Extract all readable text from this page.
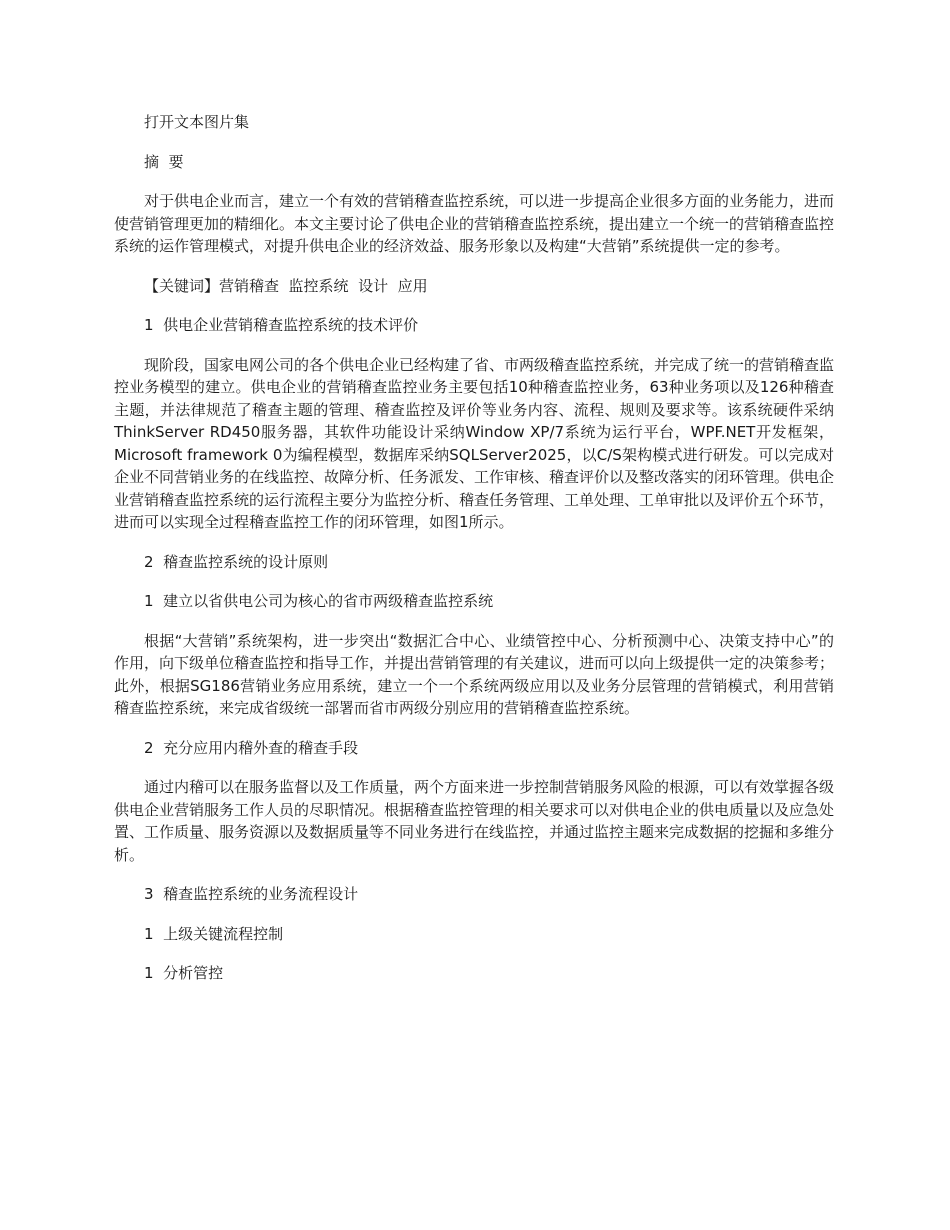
打开文本图片集

摘  要

对于供电企业而言，建立一个有效的营销稽查监控系统，可以进一步提高企业很多方面的业务能力，进而使营销管理更加的精细化。本文主要讨论了供电企业的营销稽查监控系统，提出建立一个统一的营销稽查监控系统的运作管理模式，对提升供电企业的经济效益、服务形象以及构建“大营销”系统提供一定的参考。

【关键词】营销稽查  监控系统  设计  应用

1  供电企业营销稽查监控系统的技术评价

现阶段，国家电网公司的各个供电企业已经构建了省、市两级稽查监控系统，并完成了统一的营销稽查监控业务模型的建立。供电企业的营销稽查监控业务主要包括10种稽查监控业务，63种业务项以及126种稽查主题，并法律规范了稽查主题的管理、稽查监控及评价等业务内容、流程、规则及要求等。该系统硬件采纳ThinkServer RD450服务器，其软件功能设计采纳Window XP/7系统为运行平台，WPF.NET开发框架，Microsoft framework 0为编程模型，数据库采纳SQLServer2025，以C/S架构模式进行研发。可以完成对企业不同营销业务的在线监控、故障分析、任务派发、工作审核、稽查评价以及整改落实的闭环管理。供电企业营销稽查监控系统的运行流程主要分为监控分析、稽查任务管理、工单处理、工单审批以及评价五个环节，进而可以实现全过程稽查监控工作的闭环管理，如图1所示。

2  稽查监控系统的设计原则

1  建立以省供电公司为核心的省市两级稽查监控系统

根据“大营销”系统架构，进一步突出“数据汇合中心、业绩管控中心、分析预测中心、决策支持中心”的作用，向下级单位稽查监控和指导工作，并提出营销管理的有关建议，进而可以向上级提供一定的决策参考；此外，根据SG186营销业务应用系统，建立一个一个系统两级应用以及业务分层管理的营销模式，利用营销稽查监控系统，来完成省级统一部署而省市两级分别应用的营销稽查监控系统。

2  充分应用内稽外查的稽查手段

通过内稽可以在服务监督以及工作质量，两个方面来进一步控制营销服务风险的根源，可以有效掌握各级供电企业营销服务工作人员的尽职情况。根据稽查监控管理的相关要求可以对供电企业的供电质量以及应急处置、工作质量、服务资源以及数据质量等不同业务进行在线监控，并通过监控主题来完成数据的挖掘和多维分析。

3  稽查监控系统的业务流程设计

1  上级关键流程控制

1  分析管控
